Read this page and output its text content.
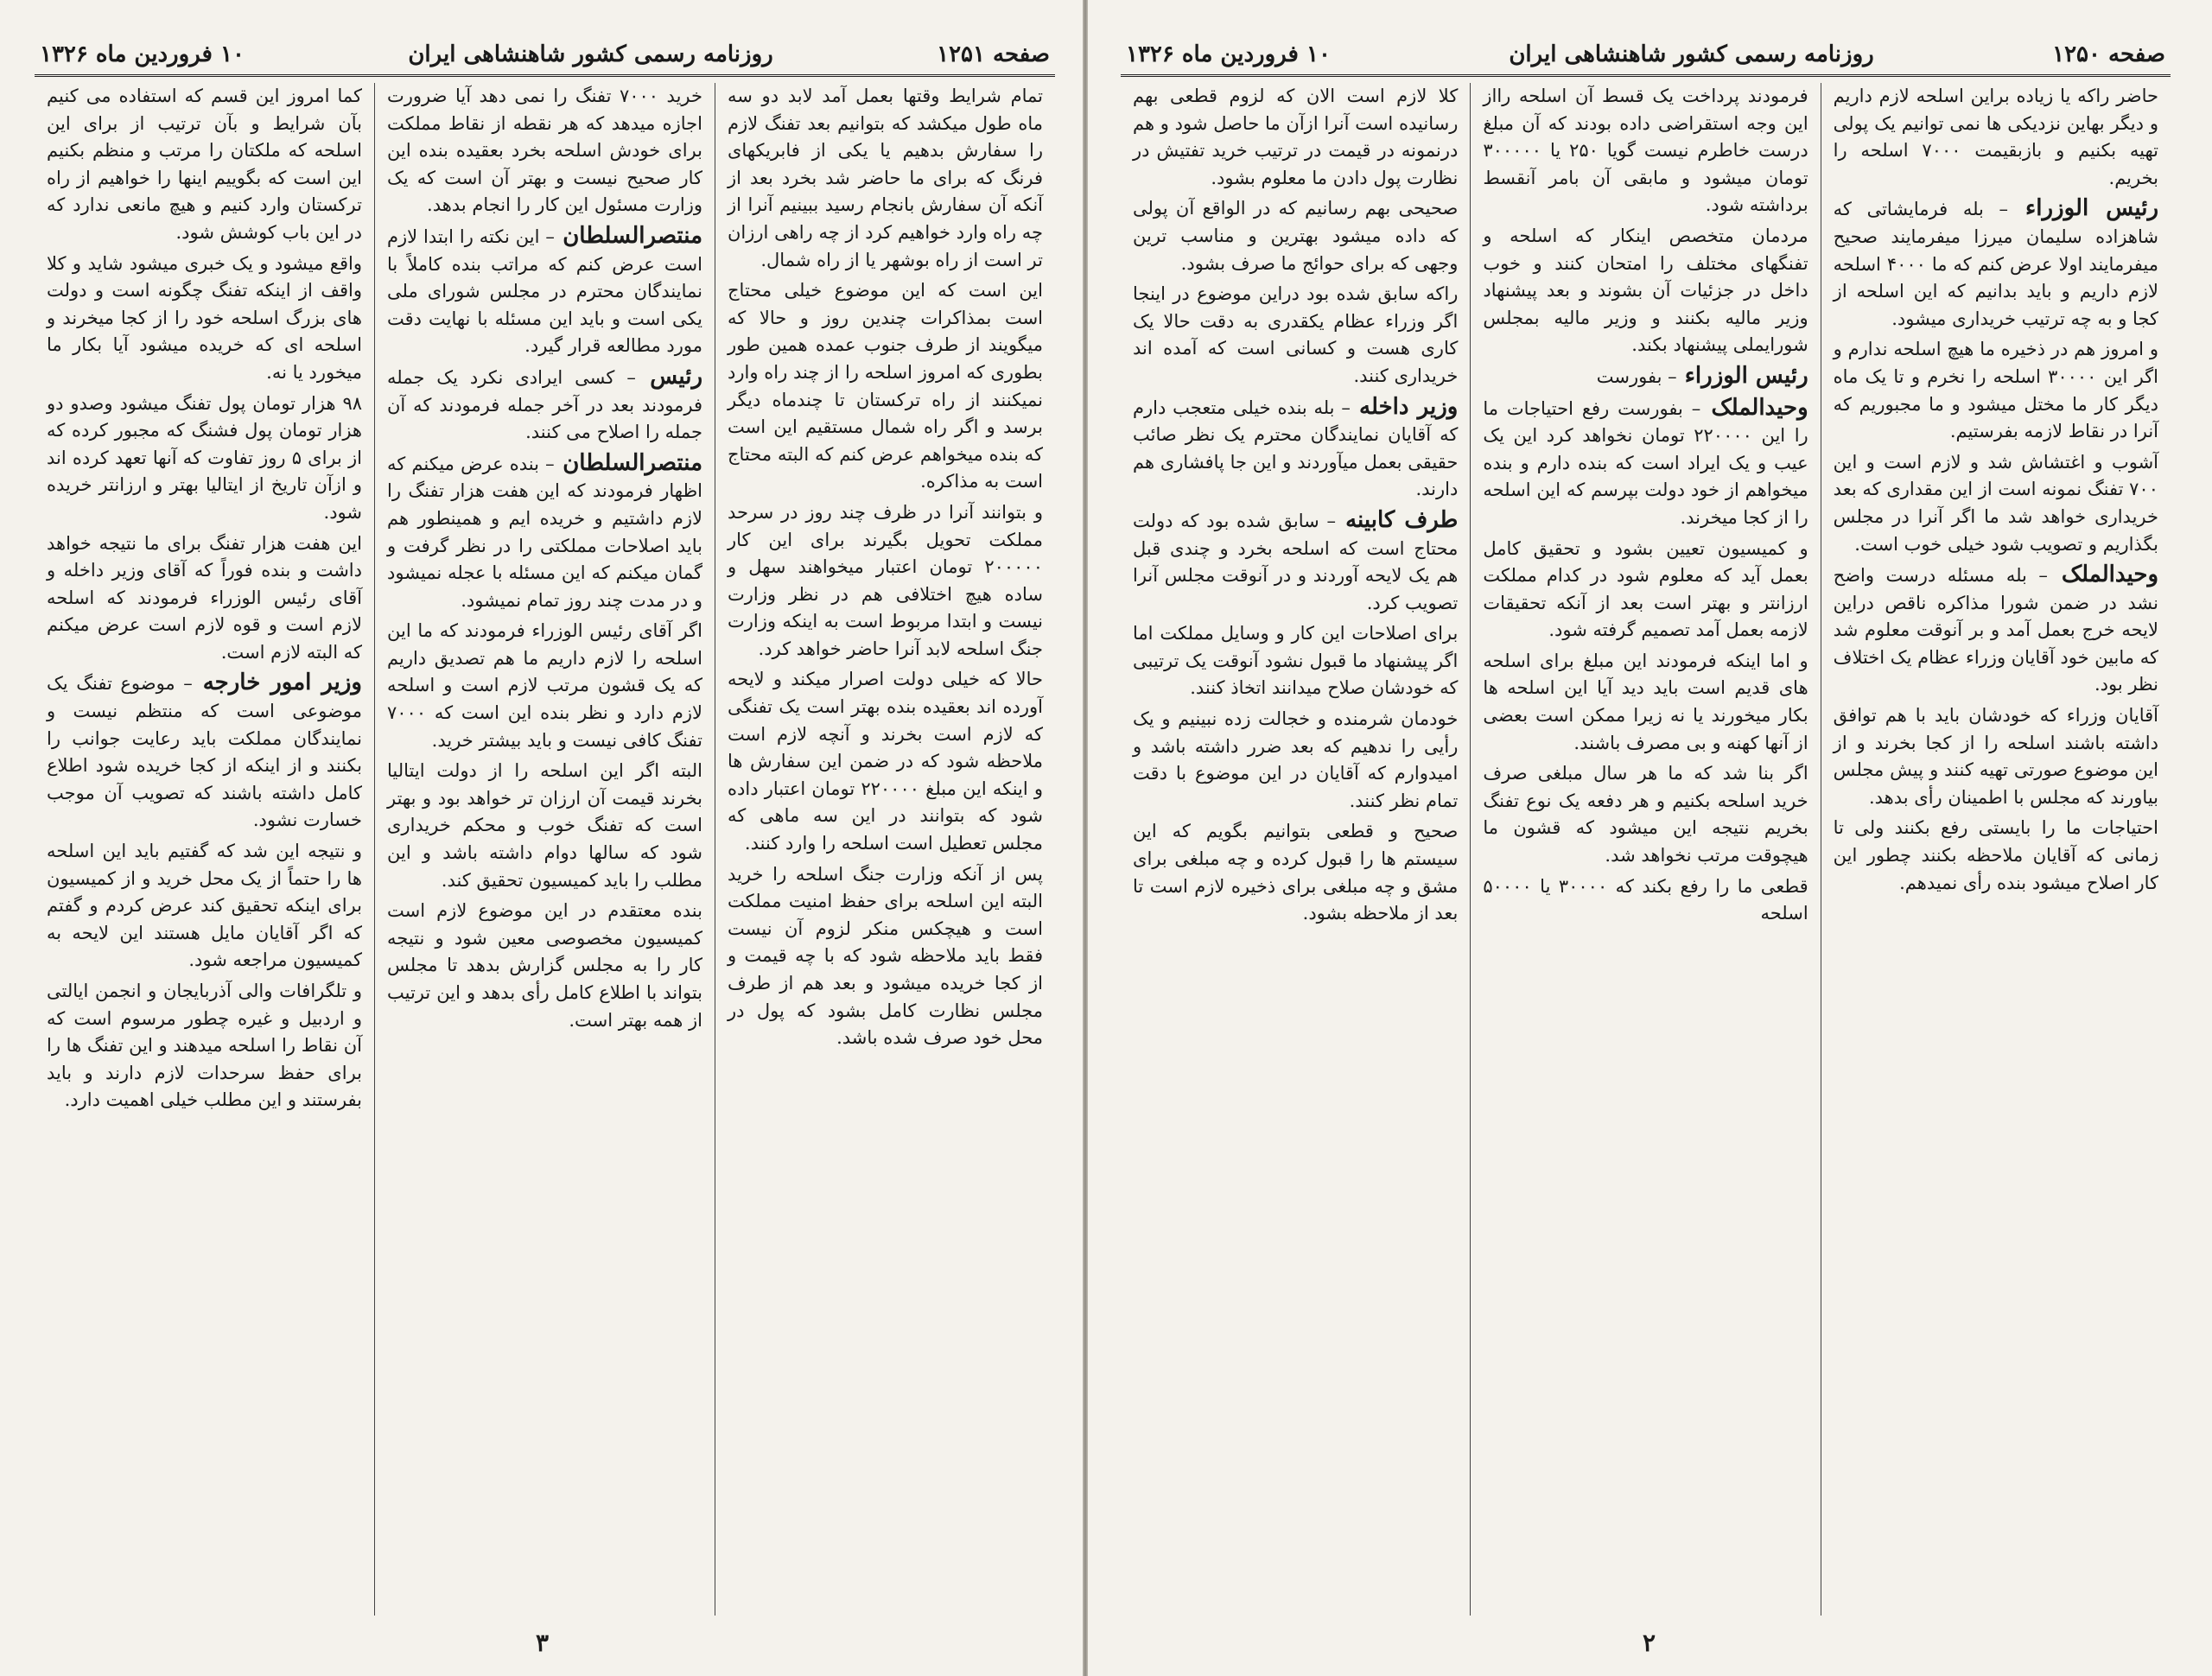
صفحه ۱۲۵۱
روزنامه رسمی کشور شاهنشاهی ایران
۱۰ فروردین ماه ۱۳۲۶

تمام شرایط وقتها بعمل آمد لابد دو سه ماه طول میکشد که بتوانیم بعد تفنگ لازم را سفارش بدهیم یا یکی از فابریکهای فرنگ که برای ما حاضر شد بخرد بعد از آنکه آن سفارش بانجام رسید ببینیم آنرا از چه راه وارد خواهیم کرد از چه راهی ارزان تر است از راه بوشهر یا از راه شمال.

این است که این موضوع خیلی محتاج است بمذاکرات چندین روز و حالا که میگویند از طرف جنوب عمده همین طور بطوری که امروز اسلحه را از چند راه وارد نمیکنند از راه ترکستان تا چندماه دیگر برسد و اگر راه شمال مستقیم این است که بنده میخواهم عرض کنم که البته محتاج است به مذاکره.

و بتوانند آنرا در ظرف چند روز در سرحد مملکت تحویل بگیرند برای این کار ۲۰۰۰۰۰ تومان اعتبار میخواهند سهل و ساده هیچ اختلافی هم در نظر وزارت نیست و ابتدا مربوط است به اینکه وزارت جنگ اسلحه لابد آنرا حاضر خواهد کرد.

حالا که خیلی دولت اصرار میکند و لایحه آورده اند بعقیده بنده بهتر است یک تفنگی که لازم است بخرند و آنچه لازم است ملاحظه شود که در ضمن این سفارش ها و اینکه این مبلغ ۲۲۰۰۰۰ تومان اعتبار داده شود که بتوانند در این سه ماهی که مجلس تعطیل است اسلحه را وارد کنند.

پس از آنکه وزارت جنگ اسلحه را خرید البته این اسلحه برای حفظ امنیت مملکت است و هیچکس منکر لزوم آن نیست فقط باید ملاحظه شود که با چه قیمت و از کجا خریده میشود و بعد هم از طرف مجلس نظارت کامل بشود که پول در محل خود صرف شده باشد.

خرید ۷۰۰۰ تفنگ را نمی دهد آیا ضرورت اجازه میدهد که هر نقطه از نقاط مملکت برای خودش اسلحه بخرد بعقیده بنده این کار صحیح نیست و بهتر آن است که یک وزارت مسئول این کار را انجام بدهد.

منتصرالسلطان – این نکته را ابتدا لازم است عرض کنم که مراتب بنده کاملاً با نمایندگان محترم در مجلس شورای ملی یکی است و باید این مسئله با نهایت دقت مورد مطالعه قرار گیرد.

رئیس – کسی ایرادی نکرد یک جمله فرمودند بعد در آخر جمله فرمودند که آن جمله را اصلاح می کنند.

منتصرالسلطان – بنده عرض میکنم که اظهار فرمودند که این هفت هزار تفنگ را لازم داشتیم و خریده ایم و همینطور هم باید اصلاحات مملکتی را در نظر گرفت و گمان میکنم که این مسئله با عجله نمیشود و در مدت چند روز تمام نمیشود.

اگر آقای رئیس الوزراء فرمودند که ما این اسلحه را لازم داریم ما هم تصدیق داریم که یک قشون مرتب لازم است و اسلحه لازم دارد و نظر بنده این است که ۷۰۰۰ تفنگ کافی نیست و باید بیشتر خرید.

البته اگر این اسلحه را از دولت ایتالیا بخرند قیمت آن ارزان تر خواهد بود و بهتر است که تفنگ خوب و محکم خریداری شود که سالها دوام داشته باشد و این مطلب را باید کمیسیون تحقیق کند.

بنده معتقدم در این موضوع لازم است کمیسیون مخصوصی معین شود و نتیجه کار را به مجلس گزارش بدهد تا مجلس بتواند با اطلاع کامل رأی بدهد و این ترتیب از همه بهتر است.

کما امروز این قسم که استفاده می کنیم بآن شرایط و بآن ترتیب از برای این اسلحه که ملکتان را مرتب و منظم بکنیم این است که بگوییم اینها را خواهیم از راه ترکستان وارد کنیم و هیچ مانعی ندارد که در این باب کوشش شود.

واقع میشود و یک خبری میشود شاید و کلا واقف از اینکه تفنگ چگونه است و دولت های بزرگ اسلحه خود را از کجا میخرند و اسلحه ای که خریده میشود آیا بکار ما میخورد یا نه.

۹۸ هزار تومان پول تفنگ میشود وصدو دو هزار تومان پول فشنگ که مجبور کرده که از برای ۵ روز تفاوت که آنها تعهد کرده اند و ازآن تاریخ از ایتالیا بهتر و ارزانتر خریده شود.

این هفت هزار تفنگ برای ما نتیجه خواهد داشت و بنده فوراً که آقای وزیر داخله و آقای رئیس الوزراء فرمودند که اسلحه لازم است و قوه لازم است عرض میکنم که البته لازم است.

وزیر امور خارجه – موضوع تفنگ یک موضوعی است که منتظم نیست و نمایندگان مملکت باید رعایت جوانب را بکنند و از اینکه از کجا خریده شود اطلاع کامل داشته باشند که تصویب آن موجب خسارت نشود.

و نتیجه این شد که گفتیم باید این اسلحه ها را حتماً از یک محل خرید و از کمیسیون برای اینکه تحقیق کند عرض کردم و گفتم که اگر آقایان مایل هستند این لایحه به کمیسیون مراجعه شود.

و تلگرافات والی آذربایجان و انجمن ایالتی و اردبیل و غیره چطور مرسوم است که آن نقاط را اسلحه میدهند و این تفنگ ها را برای حفظ سرحدات لازم دارند و باید بفرستند و این مطلب خیلی اهمیت دارد.

۳
صفحه ۱۲۵۰
روزنامه رسمی کشور شاهنشاهی ایران
۱۰ فروردین ماه ۱۳۲۶

حاضر راکه یا زیاده براین اسلحه لازم داریم و دیگر بهاین نزدیکی ها نمی توانیم یک پولی تهیه بکنیم و بازبقیمت ۷۰۰۰ اسلحه را بخریم.

رئیس الوزراء – بله فرمایشاتی که شاهزاده سلیمان میرزا میفرمایند صحیح میفرمایند اولا عرض کنم که ما ۴۰۰۰ اسلحه لازم داریم و باید بدانیم که این اسلحه از کجا و به چه ترتیب خریداری میشود.

و امروز هم در ذخیره ما هیچ اسلحه ندارم و اگر این ۳۰۰۰۰ اسلحه را نخرم و تا یک ماه دیگر کار ما مختل میشود و ما مجبوریم که آنرا در نقاط لازمه بفرستیم.

آشوب و اغتشاش شد و لازم است و این ۷۰۰ تفنگ نمونه است از این مقداری که بعد خریداری خواهد شد ما اگر آنرا در مجلس بگذاریم و تصویب شود خیلی خوب است.

وحیدالملک – بله مسئله درست واضح نشد در ضمن شورا مذاکره ناقص دراین لایحه خرج بعمل آمد و بر آنوقت معلوم شد که مابین خود آقایان وزراء عظام یک اختلاف نظر بود.

آقایان وزراء که خودشان باید با هم توافق داشته باشند اسلحه را از کجا بخرند و از این موضوع صورتی تهیه کنند و پیش مجلس بیاورند که مجلس با اطمینان رأی بدهد.

احتیاجات ما را بایستی رفع بکنند ولی تا زمانی که آقایان ملاحظه بکنند چطور این کار اصلاح میشود بنده رأی نمیدهم.

فرمودند پرداخت یک قسط آن اسلحه رااز این وجه استقراضی داده بودند که آن مبلغ درست خاطرم نیست گویا ۲۵۰ یا ۳۰۰۰۰۰ تومان میشود و مابقی آن بامر آنقسط برداشته شود.

مردمان متخصص اینکار که اسلحه و تفنگهای مختلف را امتحان کنند و خوب داخل در جزئیات آن بشوند و بعد پیشنهاد وزیر مالیه بکنند و وزیر مالیه بمجلس شورایملی پیشنهاد بکند.

رئیس الوزراء – بفورست

وحیدالملک – بفورست رفع احتیاجات ما را این ۲۲۰۰۰۰ تومان نخواهد کرد این یک عیب و یک ایراد است که بنده دارم و بنده میخواهم از خود دولت بپرسم که این اسلحه را از کجا میخرند.

و کمیسیون تعیین بشود و تحقیق کامل بعمل آید که معلوم شود در کدام مملکت ارزانتر و بهتر است بعد از آنکه تحقیقات لازمه بعمل آمد تصمیم گرفته شود.

و اما اینکه فرمودند این مبلغ برای اسلحه های قدیم است باید دید آیا این اسلحه ها بکار میخورند یا نه زیرا ممکن است بعضی از آنها کهنه و بی مصرف باشند.

اگر بنا شد که ما هر سال مبلغی صرف خرید اسلحه بکنیم و هر دفعه یک نوع تفنگ بخریم نتیجه این میشود که قشون ما هیچوقت مرتب نخواهد شد.

قطعی ما را رفع بکند که ۳۰۰۰۰ یا ۵۰۰۰۰ اسلحه

کلا لازم است الان که لزوم قطعی بهم رسانیده است آنرا ازآن ما حاصل شود و هم درنمونه در قیمت در ترتیب خرید تفتیش در نظارت پول دادن ما معلوم بشود.

صحیحی بهم رسانیم که در الواقع آن پولی که داده میشود بهترین و مناسب ترین وجهی که برای حوائج ما صرف بشود.

راکه سابق شده بود دراین موضوع در اینجا اگر وزراء عظام یکقدری به دقت حالا یک کاری هست و کسانی است که آمده اند خریداری کنند.

وزیر داخله – بله بنده خیلی متعجب دارم که آقایان نمایندگان محترم یک نظر صائب حقیقی بعمل میآوردند و این جا پافشاری هم دارند.

طرف کابینه – سابق شده بود که دولت محتاج است که اسلحه بخرد و چندی قبل هم یک لایحه آوردند و در آنوقت مجلس آنرا تصویب کرد.

برای اصلاحات این کار و وسایل مملکت اما اگر پیشنهاد ما قبول نشود آنوقت یک ترتیبی که خودشان صلاح میدانند اتخاذ کنند.

خودمان شرمنده و خجالت زده نبینیم و یک رأیی را ندهیم که بعد ضرر داشته باشد و امیدوارم که آقایان در این موضوع با دقت تمام نظر کنند.

صحیح و قطعی بتوانیم بگویم که این سیستم ها را قبول کرده و چه مبلغی برای مشق و چه مبلغی برای ذخیره لازم است تا بعد از ملاحظه بشود.

۲
